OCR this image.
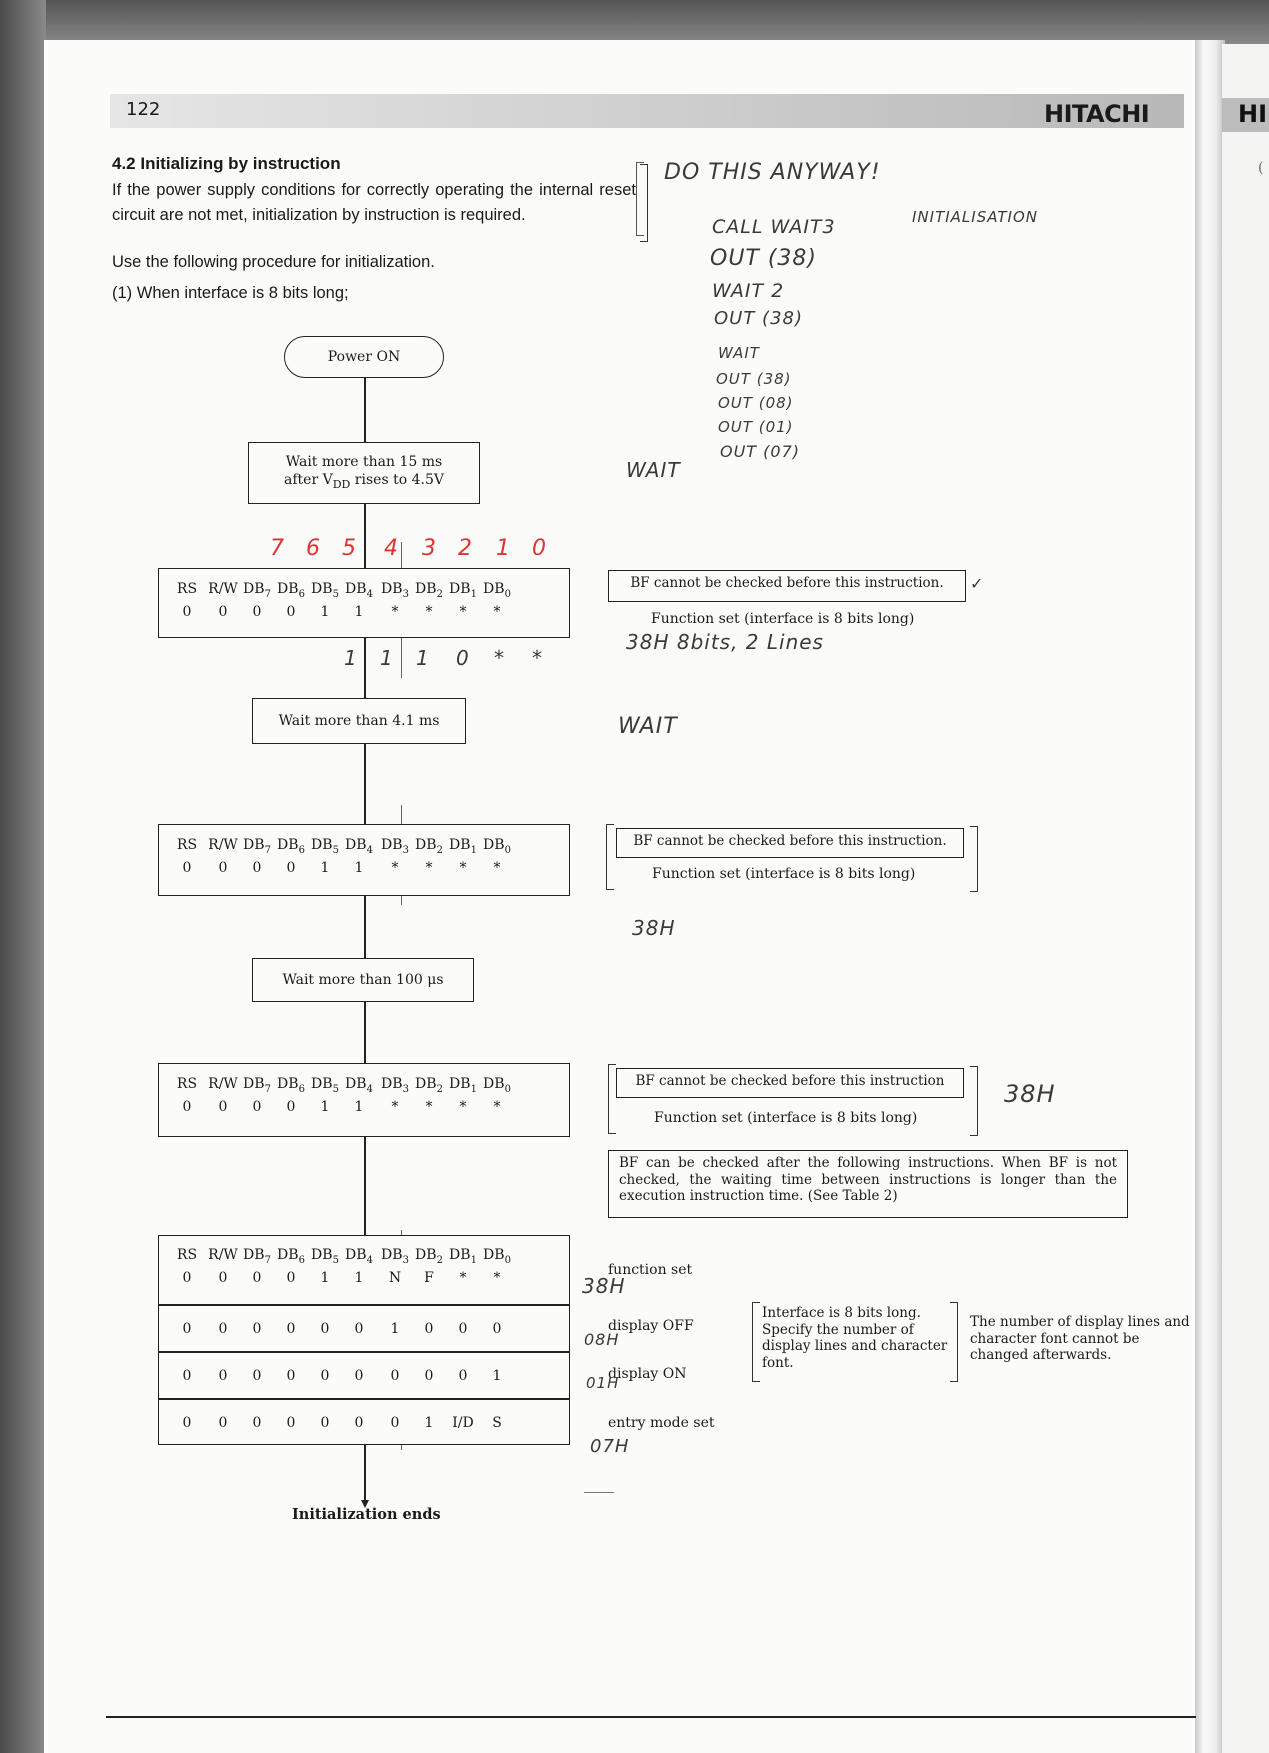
HI
(
122	HITACHI
4.2 Initializing by instruction
If the power supply conditions for correctly operating the internal reset circuit are not met, initialization by instruction is required.
Use the following procedure for initialization.
(1) When interface is 8 bits long;
Power ON
Wait more than 15 ms
after $V_{DD}$ rises to 4.5V
RS R/W $DB_7$ $DB_6$ $DB_5$ $DB_4$ $DB_3$ $DB_2$ $DB_1$ $DB_0$
0	0	0	0	1	1	*	*	*	*
Wait more than 4.1 ms
RS R/W $DB_7$ $DB_6$ $DB_5$ $DB_4$ $DB_3$ $DB_2$ $DB_1$ $DB_0$
0	0	0	0	1	1	*	*	*	*
Wait more than 100 μs
RS R/W $DB_7$ $DB_6$ $DB_5$ $DB_4$ $DB_3$ $DB_2$ $DB_1$ $DB_0$
0	0	0	0	1	1	*	*	*	*
RS R/W $DB_7$ $DB_6$ $DB_5$ $DB_4$ $DB_3$ $DB_2$ $DB_1$ $DB_0$
0	0	0	0	1	1	N	F	*	*
0	0	0	0	0	0	1	0	0	0
0	0	0	0	0	0	0	0	0	1
0	0	0	0	0	0	0	1	I/D	S
Initialization ends
BF cannot be checked before this instruction.
Function set (interface is 8 bits long)
BF cannot be checked before this instruction.
Function set (interface is 8 bits long)
BF cannot be checked before this instruction
Function set (interface is 8 bits long)
BF can be checked after the following instructions. When BF is not checked, the waiting time between instructions is longer than the execution instruction time. (See Table 2)
function set
display OFF
display ON
entry mode set
Interface is 8 bits long. Specify the number of display lines and character font.
The number of display lines and character font cannot be changed afterwards.
DO THIS ANYWAY!
INITIALISATION
CALL WAIT3
OUT (38)
WAIT 2
OUT (38)
WAIT
OUT (38)
OUT (08)
OUT (01)
OUT (07)
WAIT
✓
38H 8bits, 2 Lines
WAIT
38H
38H
38H
08H
01H
07H
7 6 5 4 3 2 1 0
1 1 1 0 * *
